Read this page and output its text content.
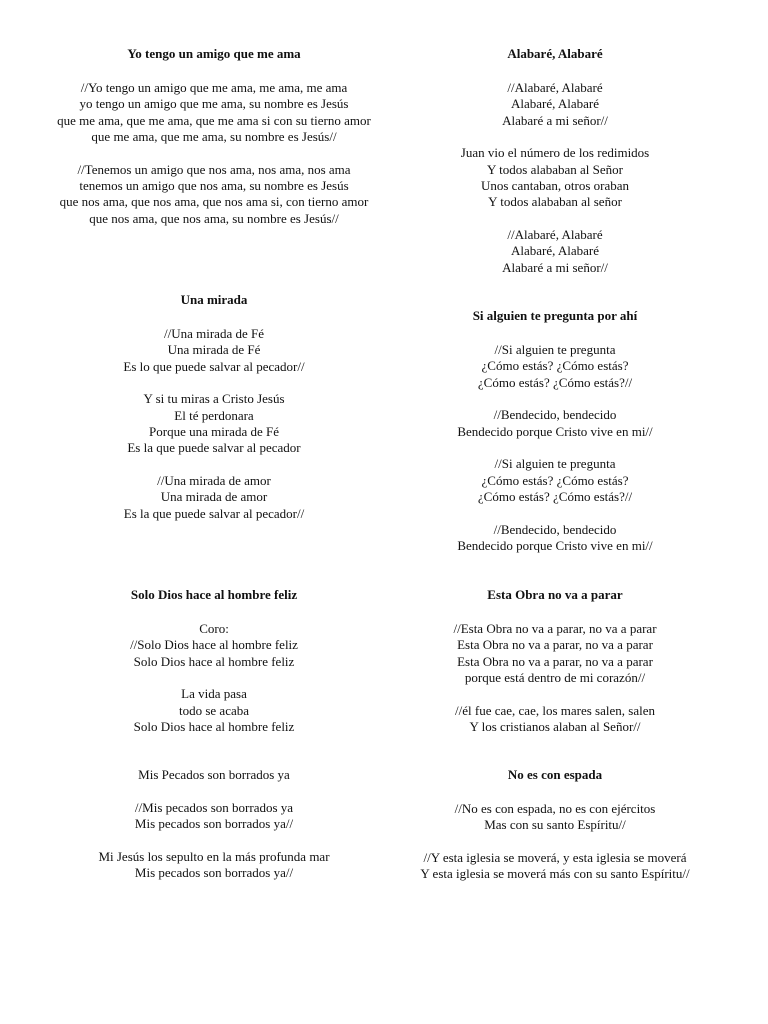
Yo tengo un amigo que me ama

//Yo tengo un amigo que me ama, me ama, me ama
yo tengo un amigo que me ama, su nombre es Jesús
que me ama, que me ama, que me ama si con su tierno amor
que me ama, que me ama, su nombre es Jesús//

//Tenemos un amigo que nos ama, nos ama, nos ama
tenemos un amigo que nos ama, su nombre es Jesús
que nos ama, que nos ama, que nos ama si, con tierno amor
que nos ama, que nos ama, su nombre es Jesús//

Una mirada

//Una mirada de Fé
Una mirada de Fé
Es lo que puede salvar al pecador//

Y si tu miras a Cristo Jesús
El té perdonara
Porque una mirada de Fé
Es la que puede salvar al pecador

//Una mirada de amor
Una mirada de amor
Es la que puede salvar al pecador//

Solo Dios hace al hombre feliz

Coro:
//Solo Dios hace al hombre feliz
Solo Dios hace al hombre feliz

La vida pasa
todo se acaba
Solo Dios hace al hombre feliz

Mis Pecados son borrados ya

//Mis pecados son borrados ya
Mis pecados son borrados ya//

Mi Jesús los sepulto en la más profunda mar
Mis pecados son borrados ya//

Alabaré, Alabaré

//Alabaré, Alabaré
Alabaré, Alabaré
Alabaré a mi señor//

Juan vio el número de los redimidos
Y todos alababan al Señor
Unos cantaban, otros oraban
Y todos alababan al señor

//Alabaré, Alabaré
Alabaré, Alabaré
Alabaré a mi señor//

Si alguien te pregunta por ahí

//Si alguien te pregunta
¿Cómo estás? ¿Cómo estás?
¿Cómo estás? ¿Cómo estás?//

//Bendecido, bendecido
Bendecido porque Cristo vive en mi//

//Si alguien te pregunta
¿Cómo estás? ¿Cómo estás?
¿Cómo estás? ¿Cómo estás?//

//Bendecido, bendecido
Bendecido porque Cristo vive en mi//

Esta Obra no va a parar

//Esta Obra no va a parar, no va a parar
Esta Obra no va a parar, no va a parar
Esta Obra no va a parar, no va a parar
porque está dentro de mi corazón//

//él fue cae, cae, los mares salen, salen
Y los cristianos alaban al Señor//

No es con espada

//No es con espada, no es con ejércitos
Mas con su santo Espíritu//

//Y esta iglesia se moverá, y esta iglesia se moverá
Y esta iglesia se moverá más con su santo Espíritu//
